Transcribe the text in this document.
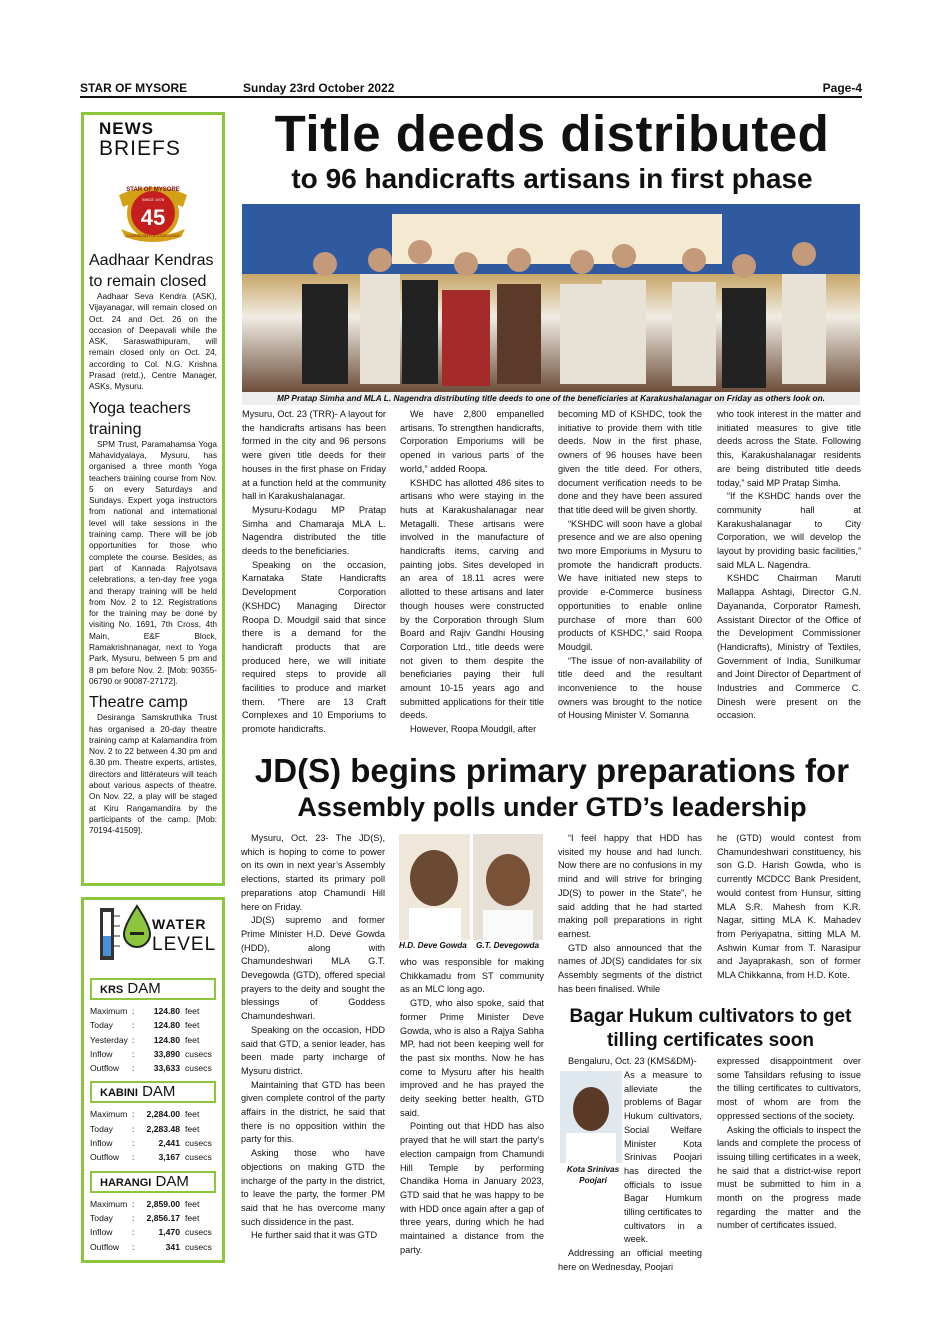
STAR OF MYSORE	Sunday 23rd October 2022	Page-4
NEWS
BRIEFS
STAR OF MYSORE
SINCE 1978
45
JOURNALISM FOR EXCELLENCE
Aadhaar Kendras
to remain closed
Aadhaar Seva Kendra (ASK), Vijayanagar, will remain closed on Oct. 24 and Oct. 26 on the occasion of Deepavali while the ASK, Saraswathipuram, will remain closed only on Oct. 24, according to Col. N.G. Krishna Prasad (retd.), Centre Manager, ASKs, Mysuru.
Yoga teachers
training
SPM Trust, Paramahamsa Yoga Mahavidyalaya, Mysuru, has organised a three month Yoga teachers training course from Nov. 5 on every Saturdays and Sundays. Expert yoga instructors from national and international level will take sessions in the training camp. There will be job opportunities for those who complete the course. Besides, as part of Kannada Rajyotsava celebrations, a ten-day free yoga and therapy training will be held from Nov. 2 to 12. Registrations for the training may be done by visiting No. 1691, 7th Cross, 4th Main, E&F Block, Ramakrishnanagar, next to Yoga Park, Mysuru, between 5 pm and 8 pm before Nov. 2. [Mob: 90355-06790 or 90087-27172].
Theatre camp
Desiranga Samskruthika Trust has organised a 20-day theatre training camp at Kalamandira from Nov. 2 to 22 between 4.30 pm and 6.30 pm. Theatre experts, artistes, directors and littérateurs will teach about various aspects of theatre. On Nov. 22, a play will be staged at Kiru Rangamandira by the participants of the camp. [Mob: 70194-41509].
WATER
LEVEL
KRS DAM
Maximum :	124.80 feet
Today	:	124.80 feet
Yesterday :	124.80 feet
Inflow	:	33,890 cusecs
Outflow	:	33,633 cusecs
KABINI DAM
Maximum :	2,284.00 feet
Today	:	2,283.48 feet
Inflow	:	2,441 cusecs
Outflow	:	3,167 cusecs
HARANGI DAM
Maximum :	2,859.00 feet
Today	:	2,856.17 feet
Inflow	:	1,470 cusecs
Outflow	:	341 cusecs
Title deeds distributed
to 96 handicrafts artisans in first phase
MP Pratap Simha and MLA L. Nagendra distributing title deeds to one of the beneficiaries at Karakushalanagar on Friday as others look on.

Mysuru, Oct. 23 (TRR)- A layout for the handicrafts artisans has been formed in the city and 96 persons were given title deeds for their houses in the first phase on Friday at a function held at the community hall in Karakushalanagar.

Mysuru-Kodagu MP Pratap Simha and Chamaraja MLA L. Nagendra distributed the title deeds to the beneficiaries.

Speaking on the occasion, Karnataka State Handicrafts Development Corporation (KSHDC) Managing Director Roopa D. Moudgil said that since there is a demand for the handicraft products that are produced here, we will initiate required steps to provide all facilities to produce and market them. “There are 13 Craft Complexes and 10 Emporiums to promote handicrafts.

We have 2,800 empanelled artisans. To strengthen handicrafts, Corporation Emporiums will be opened in various parts of the world,” added Roopa.

KSHDC has allotted 486 sites to artisans who were staying in the huts at Karakushalanagar near Metagalli. These artisans were involved in the manufacture of handicrafts items, carving and painting jobs. Sites developed in an area of 18.11 acres were allotted to these artisans and later though houses were constructed by the Corporation through Slum Board and Rajiv Gandhi Housing Corporation Ltd., title deeds were not given to them despite the beneficiaries paying their full amount 10-15 years ago and submitted applications for their title deeds.

However, Roopa Moudgil, after

becoming MD of KSHDC, took the initiative to provide them with title deeds. Now in the first phase, owners of 96 houses have been given the title deed. For others, document verification needs to be done and they have been assured that title deed will be given shortly.

“KSHDC will soon have a global presence and we are also opening two more Emporiums in Mysuru to promote the handicraft products. We have initiated new steps to provide e-Commerce business opportunities to enable online purchase of more than 600 products of KSHDC,” said Roopa Moudgil.

“The issue of non-availability of title deed and the resultant inconvenience to the house owners was brought to the notice of Housing Minister V. Somanna

who took interest in the matter and initiated measures to give title deeds across the State. Following this, Karakushalanagar residents are being distributed title deeds today,” said MP Pratap Simha.

“If the KSHDC hands over the community hall at Karakushalanagar to City Corporation, we will develop the layout by providing basic facilities,” said MLA L. Nagendra.

KSHDC Chairman Maruti Mallappa Ashtagi, Director G.N. Dayananda, Corporator Ramesh, Assistant Director of the Office of the Development Commissioner (Handicrafts), Ministry of Textiles, Government of India, Sunilkumar and Joint Director of Department of Industries and Commerce C. Dinesh were present on the occasion.

JD(S) begins primary preparations for
Assembly polls under GTD’s leadership

Mysuru, Oct. 23- The JD(S), which is hoping to come to power on its own in next year’s Assembly elections, started its primary poll preparations atop Chamundi Hill here on Friday.

JD(S) supremo and former Prime Minister H.D. Deve Gowda (HDD), along with Chamundeshwari MLA G.T. Devegowda (GTD), offered special prayers to the deity and sought the blessings of Goddess Chamundeshwari.

Speaking on the occasion, HDD said that GTD, a senior leader, has been made party incharge of Mysuru district.

Maintaining that GTD has been given complete control of the party affairs in the district, he said that there is no opposition within the party for this.

Asking those who have objections on making GTD the incharge of the party in the district, to leave the party, the former PM said that he has overcome many such dissidence in the past.

He further said that it was GTD

H.D. Deve Gowda G.T. Devegowda

who was responsible for making Chikkamadu from ST community as an MLC long ago.

GTD, who also spoke, said that former Prime Minister Deve Gowda, who is also a Rajya Sabha MP, had not been keeping well for the past six months. Now he has come to Mysuru after his health improved and he has prayed the deity seeking better health, GTD said.

Pointing out that HDD has also prayed that he will start the party’s election campaign from Chamundi Hill Temple by performing Chandika Homa in January 2023, GTD said that he was happy to be with HDD once again after a gap of three years, during which he had maintained a distance from the party.

“I feel happy that HDD has visited my house and had lunch. Now there are no confusions in my mind and will strive for bringing JD(S) to power in the State”, he said adding that he had started making poll preparations in right earnest.

GTD also announced that the names of JD(S) candidates for six Assembly segments of the district has been finalised. While

he (GTD) would contest from Chamundeshwari constituency, his son G.D. Harish Gowda, who is currently MCDCC Bank President, would contest from Hunsur, sitting MLA S.R. Mahesh from K.R. Nagar, sitting MLA K. Mahadev from Periyapatna, sitting MLA M. Ashwin Kumar from T. Narasipur and Jayaprakash, son of former MLA Chikkanna, from H.D. Kote.

Bagar Hukum cultivators to get
tilling certificates soon
Bengaluru, Oct. 23 (KMS&DM)-
Kota Srinivas Poojari

As a measure to alleviate the problems of Bagar Hukum cultivators, Social Welfare Minister Kota Srinivas Poojari has directed the officials to issue Bagar Humkum tilling certificates to cultivators in a week.

Addressing an official meeting here on Wednesday, Poojari

expressed disappointment over some Tahsildars refusing to issue the tilling certificates to cultivators, most of whom are from the oppressed sections of the society.

Asking the officials to inspect the lands and complete the process of issuing tilling certificates in a week, he said that a district-wise report must be submitted to him in a month on the progress made regarding the matter and the number of certificates issued.
